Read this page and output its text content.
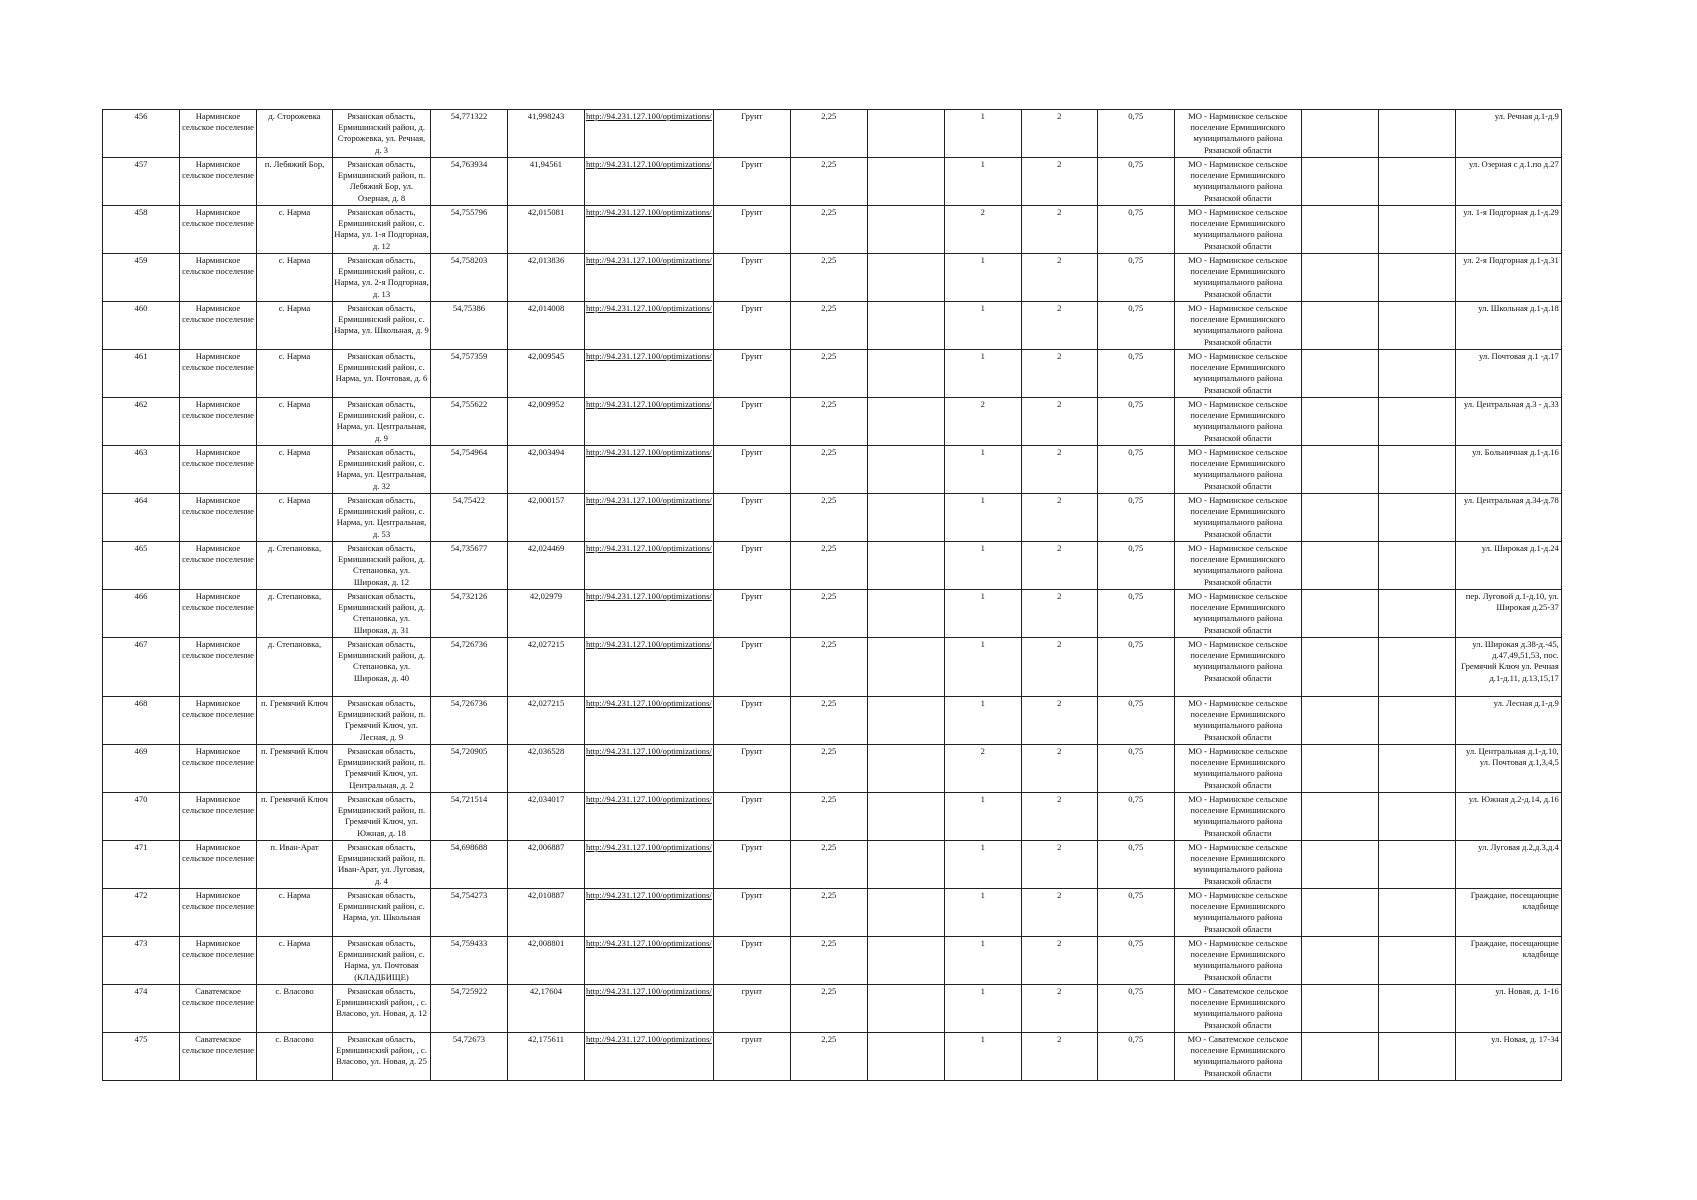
456	Нарминское сельское поселение	д. Сторожевка	Рязанская область, Ермишинский район, д. Сторожевка, ул. Речная, д. 3	54,771322	41,998243	http://94.231.127.100/optimizations/	Грунт	2,25		1	2	0,75	МО - Нарминское сельское поселение Ермишинского муниципального района Рязанской области			ул. Речная д.1-д.9
457	Нарминское сельское поселение	п. Лебяжий Бор,	Рязанская область, Ермишинский район, п. Лебяжий Бор, ул. Озерная, д. 8	54,763934	41,94561	http://94.231.127.100/optimizations/	Грунт	2,25		1	2	0,75	МО - Нарминское сельское поселение Ермишинского муниципального района Рязанской области			ул. Озерная с д.1.по д.27
458	Нарминское сельское поселение	с. Нарма	Рязанская область, Ермишинский район, с. Нарма, ул. 1-я Подгорная, д. 12	54,755796	42,015081	http://94.231.127.100/optimizations/	Грунт	2,25		2	2	0,75	МО - Нарминское сельское поселение Ермишинского муниципального района Рязанской области			ул. 1-я Подгорная д.1-д.29
459	Нарминское сельское поселение	с. Нарма	Рязанская область, Ермишинский район, с. Нарма, ул. 2-я Подгорная, д. 13	54,758203	42,013836	http://94.231.127.100/optimizations/	Грунт	2,25		1	2	0,75	МО - Нарминское сельское поселение Ермишинского муниципального района Рязанской области			ул. 2-я Подгорная д.1-д.31
460	Нарминское сельское поселение	с. Нарма	Рязанская область, Ермишинский район, с. Нарма, ул. Школьная, д. 9	54,75386	42,014008	http://94.231.127.100/optimizations/	Грунт	2,25		1	2	0,75	МО - Нарминское сельское поселение Ермишинского муниципального района Рязанской области			ул. Школьная д.1-д.18
461	Нарминское сельское поселение	с. Нарма	Рязанская область, Ермишинский район, с. Нарма, ул. Почтовая, д. 6	54,757359	42,009545	http://94.231.127.100/optimizations/	Грунт	2,25		1	2	0,75	МО - Нарминское сельское поселение Ермишинского муниципального района Рязанской области			ул. Почтовая д.1 -д.17
462	Нарминское сельское поселение	с. Нарма	Рязанская область, Ермишинский район, с. Нарма, ул. Центральная, д. 9	54,755622	42,009952	http://94.231.127.100/optimizations/	Грунт	2,25		2	2	0,75	МО - Нарминское сельское поселение Ермишинского муниципального района Рязанской области			ул. Центральная д.3 - д.33
463	Нарминское сельское поселение	с. Нарма	Рязанская область, Ермишинский район, с. Нарма, ул. Центральная, д. 32	54,754964	42,003494	http://94.231.127.100/optimizations/	Грунт	2,25		1	2	0,75	МО - Нарминское сельское поселение Ермишинского муниципального района Рязанской области			ул. Больничная д.1-д.16
464	Нарминское сельское поселение	с. Нарма	Рязанская область, Ермишинский район, с. Нарма, ул. Центральная, д. 53	54,75422	42,000157	http://94.231.127.100/optimizations/	Грунт	2,25		1	2	0,75	МО - Нарминское сельское поселение Ермишинского муниципального района Рязанской области			ул. Центральная д.34-д.78
465	Нарминское сельское поселение	д. Степановка,	Рязанская область, Ермишинский район, д. Степановка, ул. Широкая, д. 12	54,735677	42,024469	http://94.231.127.100/optimizations/	Грунт	2,25		1	2	0,75	МО - Нарминское сельское поселение Ермишинского муниципального района Рязанской области			ул. Широкая д.1-д.24
466	Нарминское сельское поселение	д. Степановка,	Рязанская область, Ермишинский район, д. Степановка, ул. Широкая, д. 31	54,732126	42,02979	http://94.231.127.100/optimizations/	Грунт	2,25		1	2	0,75	МО - Нарминское сельское поселение Ермишинского муниципального района Рязанской области			пер. Луговой д.1-д.10, ул. Широкая д.25-37
467	Нарминское сельское поселение	д. Степановка,	Рязанская область, Ермишинский район, д. Степановка, ул. Широкая, д. 40	54,726736	42,027215	http://94.231.127.100/optimizations/	Грунт	2,25		1	2	0,75	МО - Нарминское сельское поселение Ермишинского муниципального района Рязанской области			ул. Широкая д.38-д.-45, д.47,49,51,53, пос. Гремячий Ключ ул. Речная д.1-д.11, д.13,15,17
468	Нарминское сельское поселение	п. Гремячий Ключ	Рязанская область, Ермишинский район, п. Гремячий Ключ, ул. Лесная, д. 9	54,726736	42,027215	http://94.231.127.100/optimizations/	Грунт	2,25		1	2	0,75	МО - Нарминское сельское поселение Ермишинского муниципального района Рязанской области			ул. Лесная д.1-д.9
469	Нарминское сельское поселение	п. Гремячий Ключ	Рязанская область, Ермишинский район, п. Гремячий Ключ, ул. Центральная, д. 2	54,720905	42,036528	http://94.231.127.100/optimizations/	Грунт	2,25		2	2	0,75	МО - Нарминское сельское поселение Ермишинского муниципального района Рязанской области			ул. Центральная д.1-д.10, ул. Почтовая д.1,3,4,5
470	Нарминское сельское поселение	п. Гремячий Ключ	Рязанская область, Ермишинский район, п. Гремячий Ключ, ул. Южная, д. 18	54,721514	42,034017	http://94.231.127.100/optimizations/	Грунт	2,25		1	2	0,75	МО - Нарминское сельское поселение Ермишинского муниципального района Рязанской области			ул. Южная д.2-д.14, д.16
471	Нарминское сельское поселение	п. Иван-Арат	Рязанская область, Ермишинский район, п. Иван-Арат, ул. Луговая, д. 4	54,698688	42,006887	http://94.231.127.100/optimizations/	Грунт	2,25		1	2	0,75	МО - Нарминское сельское поселение Ермишинского муниципального района Рязанской области			ул. Луговая д.2,д.3,д.4
472	Нарминское сельское поселение	с. Нарма	Рязанская область, Ермишинский район, с. Нарма, ул. Школьная	54,754273	42,010887	http://94.231.127.100/optimizations/	Грунт	2,25		1	2	0,75	МО - Нарминское сельское поселение Ермишинского муниципального района Рязанской области			Граждане, посещающие кладбище
473	Нарминское сельское поселение	с. Нарма	Рязанская область, Ермишинский район, с. Нарма, ул. Почтовая (КЛАДБИЩЕ)	54,759433	42,008801	http://94.231.127.100/optimizations/	Грунт	2,25		1	2	0,75	МО - Нарминское сельское поселение Ермишинского муниципального района Рязанской области			Граждане, посещающие кладбище
474	Саватемское сельское поселение	с. Власово	Рязанская область, Ермишинский район, , с. Власово, ул. Новая, д. 12	54,725922	42,17604	http://94.231.127.100/optimizations/	грунт	2,25		1	2	0,75	МО - Саватемское сельское поселение Ермишинского муниципального района Рязанской области			ул. Новая, д. 1-16
475	Саватемское сельское поселение	с. Власово	Рязанская область, Ермишинский район, , с. Власово, ул. Новая, д. 25	54,72673	42,175611	http://94.231.127.100/optimizations/	грунт	2,25		1	2	0,75	МО - Саватемское сельское поселение Ермишинского муниципального района Рязанской области			ул. Новая, д. 17-34
